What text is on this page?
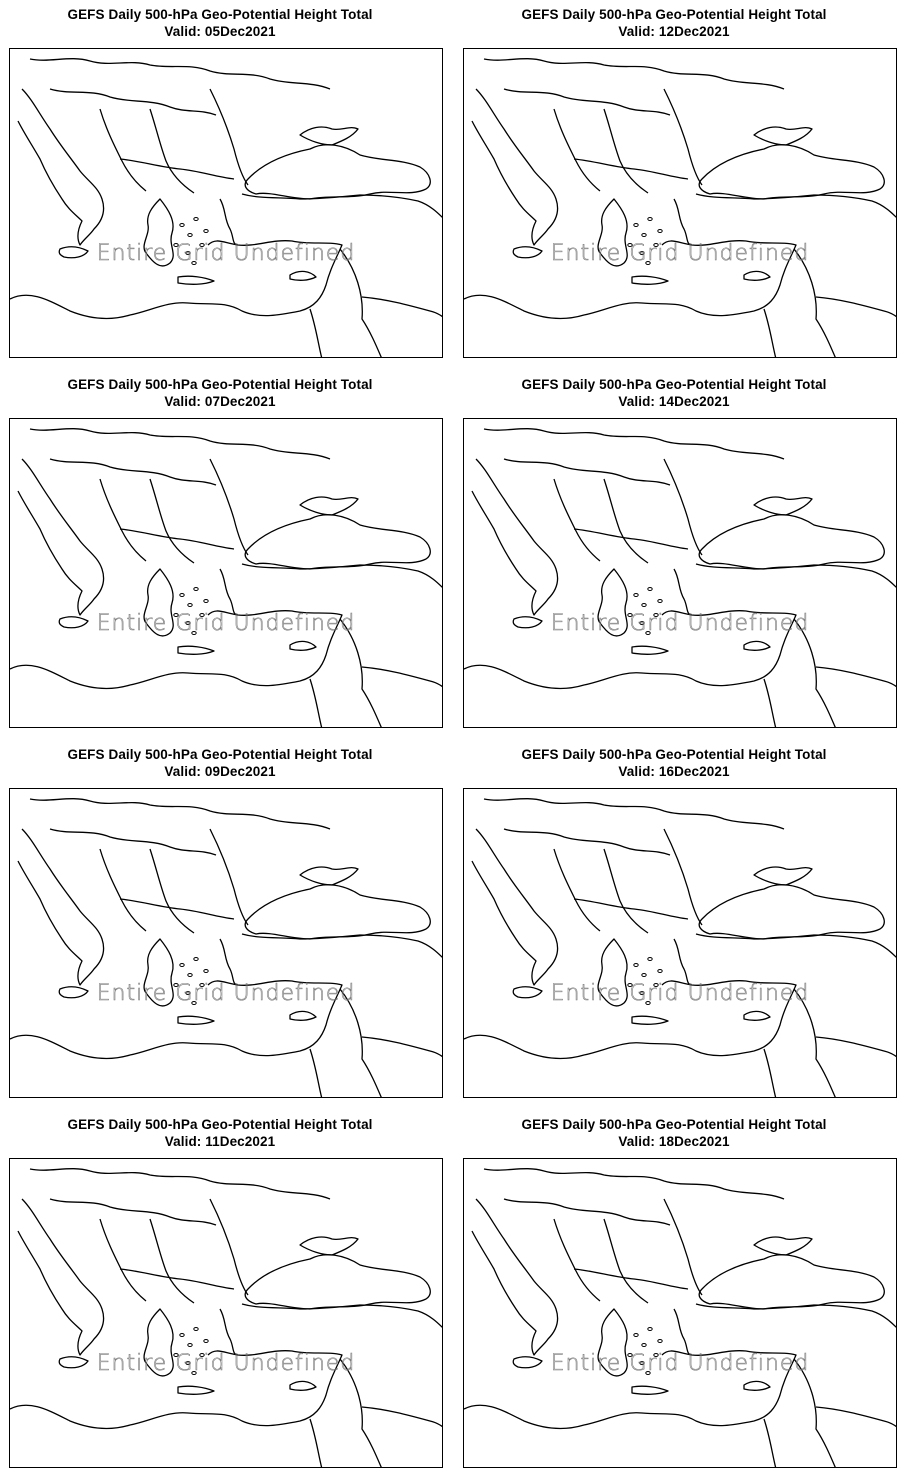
GEFS Daily 500-hPa Geo-Potential Height Total
Valid: 05Dec2021
Entire Grid Undefined
GEFS Daily 500-hPa Geo-Potential Height Total
Valid: 12Dec2021
Entire Grid Undefined
GEFS Daily 500-hPa Geo-Potential Height Total
Valid: 07Dec2021
Entire Grid Undefined
GEFS Daily 500-hPa Geo-Potential Height Total
Valid: 14Dec2021
Entire Grid Undefined
GEFS Daily 500-hPa Geo-Potential Height Total
Valid: 09Dec2021
Entire Grid Undefined
GEFS Daily 500-hPa Geo-Potential Height Total
Valid: 16Dec2021
Entire Grid Undefined
GEFS Daily 500-hPa Geo-Potential Height Total
Valid: 11Dec2021
Entire Grid Undefined
GEFS Daily 500-hPa Geo-Potential Height Total
Valid: 18Dec2021
Entire Grid Undefined
